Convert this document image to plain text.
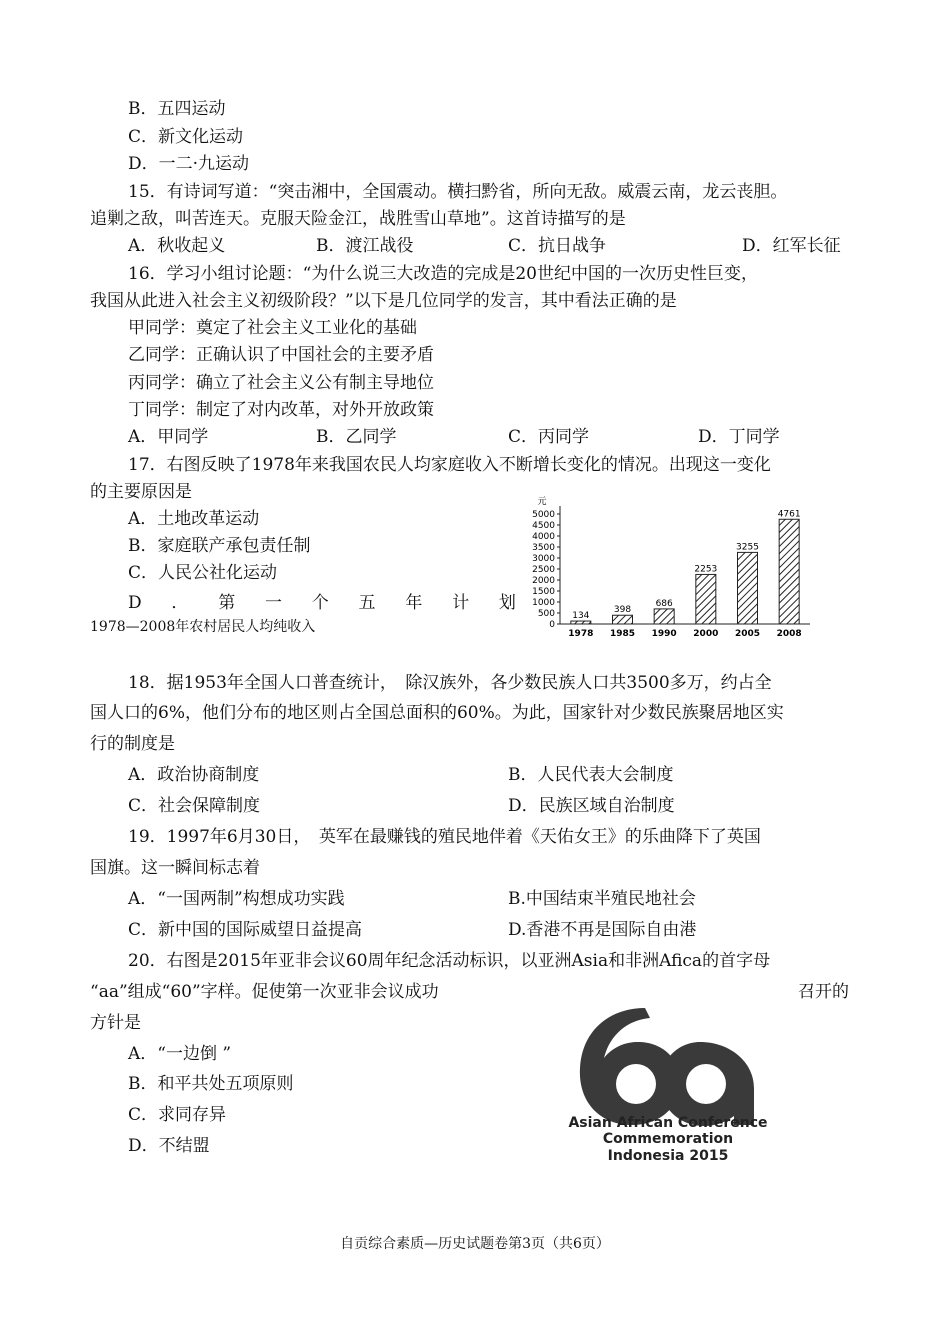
B．五四运动
C．新文化运动
D．一二·九运动
15．有诗词写道：“突击湘中，全国震动。横扫黔省，所向无敌。威震云南，龙云丧胆。
追剿之敌，叫苦连天。克服天险金江，战胜雪山草地”。这首诗描写的是
A．秋收起义	B．渡江战役	C．抗日战争	D．红军长征
16．学习小组讨论题：“为什么说三大改造的完成是20世纪中国的一次历史性巨变，
我国从此进入社会主义初级阶段？”以下是几位同学的发言，其中看法正确的是
甲同学：奠定了社会主义工业化的基础
乙同学：正确认识了中国社会的主要矛盾
丙同学：确立了社会主义公有制主导地位
丁同学：制定了对内改革，对外开放政策
A．甲同学	B．乙同学	C．丙同学	D．丁同学
17．右图反映了1978年来我国农民人均家庭收入不断增长变化的情况。出现这一变化
的主要原因是
A．土地改革运动
B．家庭联产承包责任制
C．人民公社化运动
D ． 第 一 个 五 年 计 划
1978—2008年农村居民人均纯收入
元
5000
4500
4000
3500
3000
2500
2000
1500
1000
500
0
134
1978
398
1985
686
1990
2253
2000
3255
2005
4761
2008
18．据1953年全国人口普查统计，　除汉族外，各少数民族人口共3500多万，约占全
国人口的6%，他们分布的地区则占全国总面积的60%。为此，国家针对少数民族聚居地区实
行的制度是
A．政治协商制度	B．人民代表大会制度
C．社会保障制度	D．民族区域自治制度
19．1997年6月30日，　英军在最赚钱的殖民地伴着《天佑女王》的乐曲降下了英国
国旗。这一瞬间标志着
A．“一国两制”构想成功实践	B.中国结束半殖民地社会
C．新中国的国际威望日益提高	D.香港不再是国际自由港
20．右图是2015年亚非会议60周年纪念活动标识，以亚洲Asia和非洲Afica的首字母
“aa”组成“60”字样。促使第一次亚非会议成功	召开的
方针是
A．“一边倒 ”
B．和平共处五项原则
C．求同存异
D．不结盟
Asian African Conference
Commemoration
Indonesia 2015
自贡综合素质—历史试题卷第3页（共6页）
